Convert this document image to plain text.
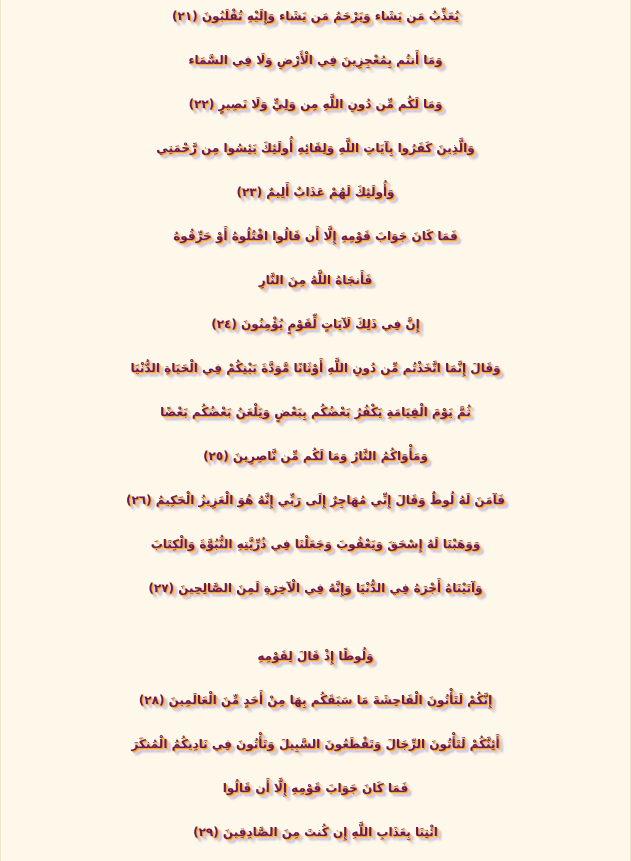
يُعَذِّبُ مَن يَشَاء وَيَرْحَمُ مَن يَشَاء وَإِلَيْهِ تُقْلَبُونَ (٢١)
وَمَا أَنتُم بِمُعْجِزِينَ فِي الْأَرْضِ وَلَا فِي السَّمَاء
وَمَا لَكُم مِّن دُونِ اللَّهِ مِن وَلِيٍّ وَلَا نَصِيرٍ (٢٢)
وَالَّذِينَ كَفَرُوا بِآيَاتِ اللَّهِ وَلِقَائِهِ أُولَئِكَ يَئِسُوا مِن رَّحْمَتِي
وَأُولَئِكَ لَهُمْ عَذَابٌ أَلِيمٌ (٢٣)
فَمَا كَانَ جَوَابَ قَوْمِهِ إِلَّا أَن قَالُوا اقْتُلُوهُ أَوْ حَرِّقُوهُ
فَأَنجَاهُ اللَّهُ مِنَ النَّارِ
إِنَّ فِي ذَلِكَ لَآيَاتٍ لِّقَوْمٍ يُؤْمِنُونَ (٢٤)
وَقَالَ إِنَّمَا اتَّخَذْتُم مِّن دُونِ اللَّهِ أَوْثَانًا مَّوَدَّةَ بَيْنِكُمْ فِي الْحَيَاةِ الدُّنْيَا
ثُمَّ يَوْمَ الْقِيَامَةِ يَكْفُرُ بَعْضُكُم بِبَعْضٍ وَيَلْعَنُ بَعْضُكُم بَعْضًا
وَمَأْوَاكُمُ النَّارُ وَمَا لَكُم مِّن نَّاصِرِينَ (٢٥)
فَآمَنَ لَهُ لُوطٌ وَقَالَ إِنِّي مُهَاجِرٌ إِلَى رَبِّي إِنَّهُ هُوَ الْعَزِيزُ الْحَكِيمُ (٢٦)
وَوَهَبْنَا لَهُ إِسْحَقَ وَيَعْقُوبَ وَجَعَلْنَا فِي ذُرِّيَّتِهِ النُّبُوَّةَ وَالْكِتَابَ
وَآتَيْنَاهُ أَجْرَهُ فِي الدُّنْيَا وَإِنَّهُ فِي الْآخِرَةِ لَمِنَ الصَّالِحِينَ (٢٧)
وَلُوطًا إِذْ قَالَ لِقَوْمِهِ
إِنَّكُمْ لَتَأْتُونَ الْفَاحِشَةَ مَا سَبَقَكُم بِهَا مِنْ أَحَدٍ مِّنَ الْعَالَمِينَ (٢٨)
أَئِنَّكُمْ لَتَأْتُونَ الرِّجَالَ وَتَقْطَعُونَ السَّبِيلَ وَتَأْتُونَ فِي نَادِيكُمُ الْمُنكَرَ
فَمَا كَانَ جَوَابَ قَوْمِهِ إِلَّا أَن قَالُوا
ائْتِنَا بِعَذَابِ اللَّهِ إِن كُنتَ مِنَ الصَّادِقِينَ (٢٩)
